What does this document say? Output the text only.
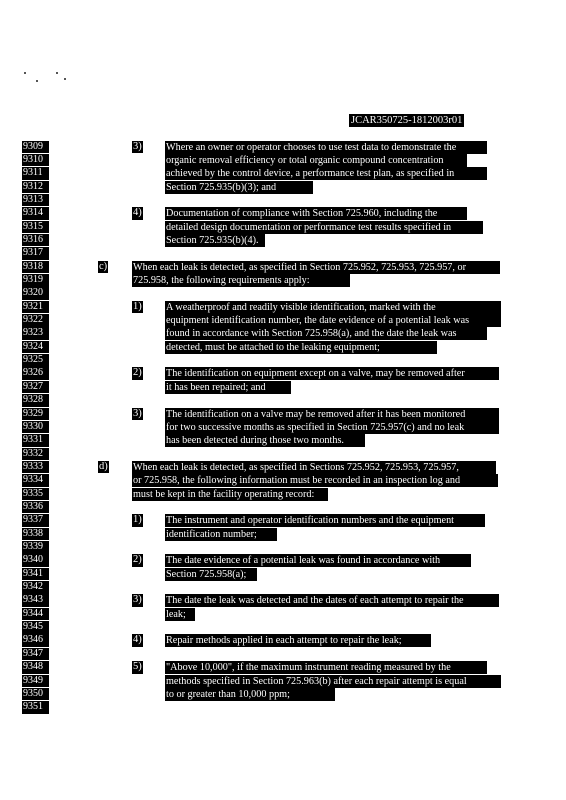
JCAR350725-1812003r01
9309
9310
9311
9312
9313
9314
9315
9316
9317
9318
9319
9320
9321
9322
9323
9324
9325
9326
9327
9328
9329
9330
9331
9332
9333
9334
9335
9336
9337
9338
9339
9340
9341
9342
9343
9344
9345
9346
9347
9348
9349
9350
9351
3) Where an owner or operator chooses to use test data to demonstrate the
organic removal efficiency or total organic compound concentration
achieved by the control device, a performance test plan, as specified in
Section 725.935(b)(3); and
4) Documentation of compliance with Section 725.960, including the
detailed design documentation or performance test results specified in
Section 725.935(b)(4).
c)	When each leak is detected, as specified in Section 725.952, 725.953, 725.957, or
725.958, the following requirements apply:
1) A weatherproof and readily visible identification, marked with the
equipment identification number, the date evidence of a potential leak was
found in accordance with Section 725.958(a), and the date the leak was
detected, must be attached to the leaking equipment;
2) The identification on equipment except on a valve, may be removed after
it has been repaired; and
3) The identification on a valve may be removed after it has been monitored
for two successive months as specified in Section 725.957(c) and no leak
has been detected during those two months.
d) When each leak is detected, as specified in Sections 725.952, 725.953, 725.957,
or 725.958, the following information must be recorded in an inspection log and
must be kept in the facility operating record:
1) The instrument and operator identification numbers and the equipment
identification number;
2) The date evidence of a potential leak was found in accordance with
Section 725.958(a);
3) The date the leak was detected and the dates of each attempt to repair the
leak;
4) Repair methods applied in each attempt to repair the leak;
5) "Above 10,000", if the maximum instrument reading measured by the
methods specified in Section 725.963(b) after each repair attempt is equal
to or greater than 10,000 ppm;
